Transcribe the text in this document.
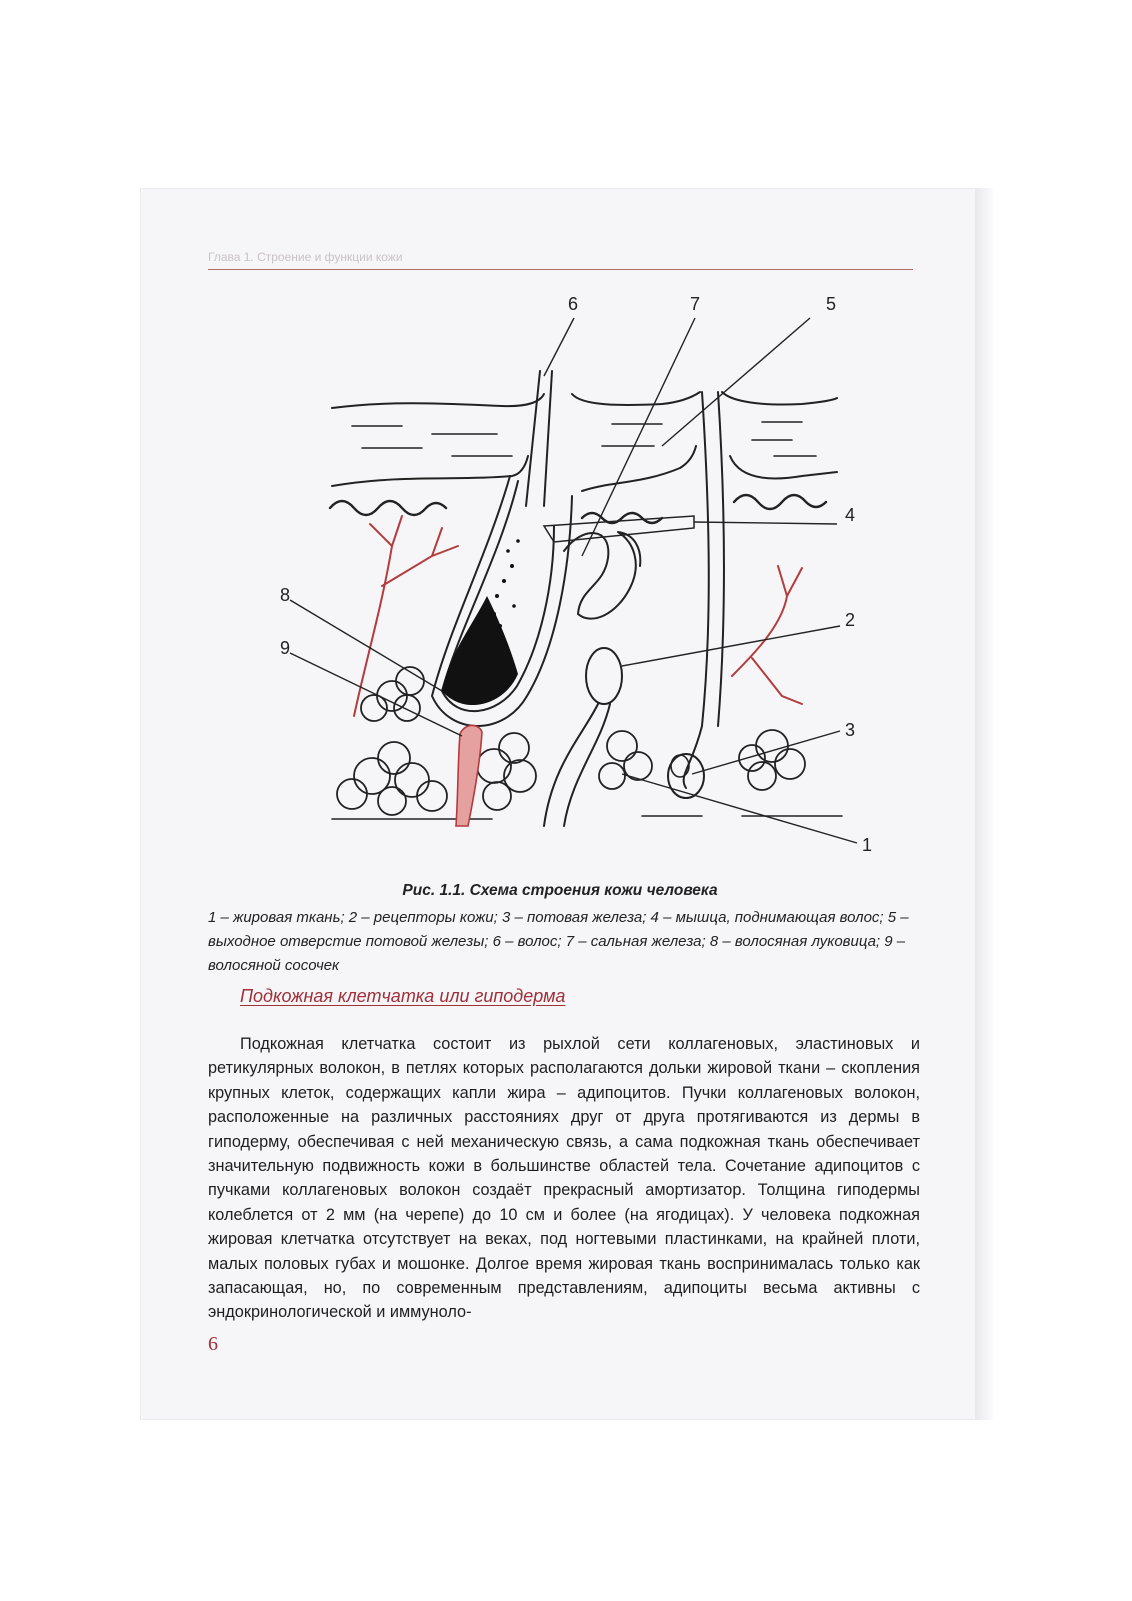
Глава 1. Строение и функции кожи
6	7	5
4
2
3
8
9
1
Рис. 1.1. Схема строения кожи человека
1 – жировая ткань; 2 – рецепторы кожи; 3 – потовая железа; 4 – мышца, поднимающая волос; 5 – выходное отверстие потовой железы; 6 – волос; 7 – сальная железа; 8 – волосяная луковица; 9 – волосяной сосочек
Подкожная клетчатка или гиподерма

Подкожная клетчатка состоит из рыхлой сети коллагеновых, эластиновых и ретикулярных волокон, в петлях которых располагаются дольки жировой ткани – скопления крупных клеток, содержащих капли жира – адипоцитов. Пучки коллагеновых волокон, расположенные на различных расстояниях друг от друга протягиваются из дермы в гиподерму, обеспечивая с ней механическую связь, а сама подкожная ткань обеспечивает значительную подвижность кожи в большинстве областей тела. Сочетание адипоцитов с пучками коллагеновых волокон создаёт прекрасный амортизатор. Толщина гиподермы колеблется от 2 мм (на черепе) до 10 см и более (на ягодицах). У человека подкожная жировая клетчатка отсутствует на веках, под ногтевыми пластинками, на крайней плоти, малых половых губах и мошонке. Долгое время жировая ткань воспринималась только как запасающая, но, по современным представлениям, адипоциты весьма активны с эндокринологической и иммуноло-

6
